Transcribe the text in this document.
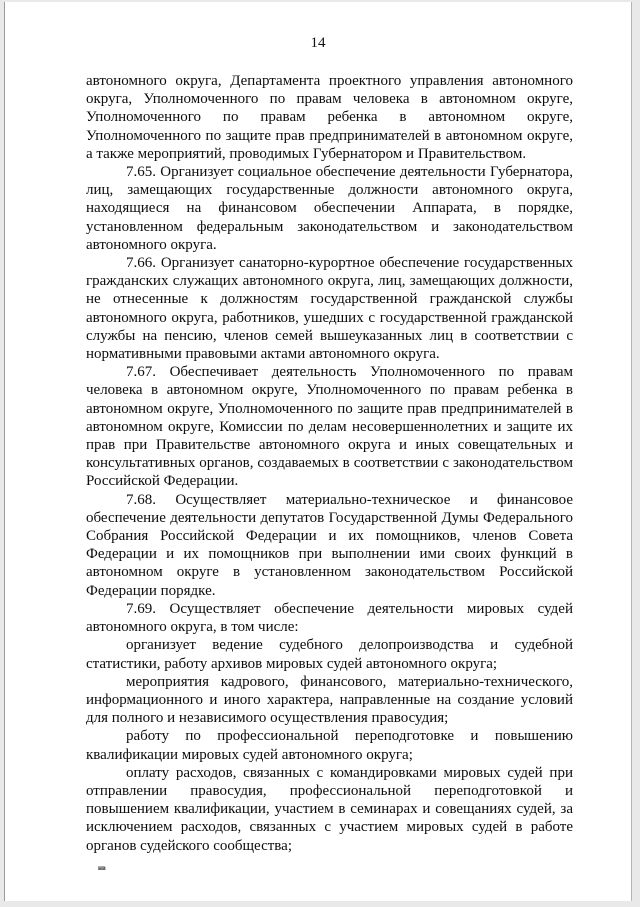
14

автономного округа, Департамента проектного управления автономного округа, Уполномоченного по правам человека в автономном округе, Уполномоченного по правам ребенка в автономном округе, Уполномоченного по защите прав предпринимателей в автономном округе, а также мероприятий, проводимых Губернатором и Правительством.

7.65. Организует социальное обеспечение деятельности Губернатора, лиц, замещающих государственные должности автономного округа, находящиеся на финансовом обеспечении Аппарата, в порядке, установленном федеральным законодательством и законодательством автономного округа.

7.66. Организует санаторно-курортное обеспечение государственных гражданских служащих автономного округа, лиц, замещающих должности, не отнесенные к должностям государственной гражданской службы автономного округа, работников, ушедших с государственной гражданской службы на пенсию, членов семей вышеуказанных лиц в соответствии с нормативными правовыми актами автономного округа.

7.67. Обеспечивает деятельность Уполномоченного по правам человека в автономном округе, Уполномоченного по правам ребенка в автономном округе, Уполномоченного по защите прав предпринимателей в автономном округе, Комиссии по делам несовершеннолетних и защите их прав при Правительстве автономного округа и иных совещательных и консультативных органов, создаваемых в соответствии с законодательством Российской Федерации.

7.68. Осуществляет материально-техническое и финансовое обеспечение деятельности депутатов Государственной Думы Федерального Собрания Российской Федерации и их помощников, членов Совета Федерации и их помощников при выполнении ими своих функций в автономном округе в установленном законодательством Российской Федерации порядке.

7.69. Осуществляет обеспечение деятельности мировых судей автономного округа, в том числе:

организует ведение судебного делопроизводства и судебной статистики, работу архивов мировых судей автономного округа;

мероприятия кадрового, финансового, материально-технического, информационного и иного характера, направленные на создание условий для полного и независимого осуществления правосудия;

работу по профессиональной переподготовке и повышению квалификации мировых судей автономного округа;

оплату расходов, связанных с командировками мировых судей при отправлении правосудия, профессиональной переподготовкой и повышением квалификации, участием в семинарах и совещаниях судей, за исключением расходов, связанных с участием мировых судей в работе органов судейского сообщества;

нв
